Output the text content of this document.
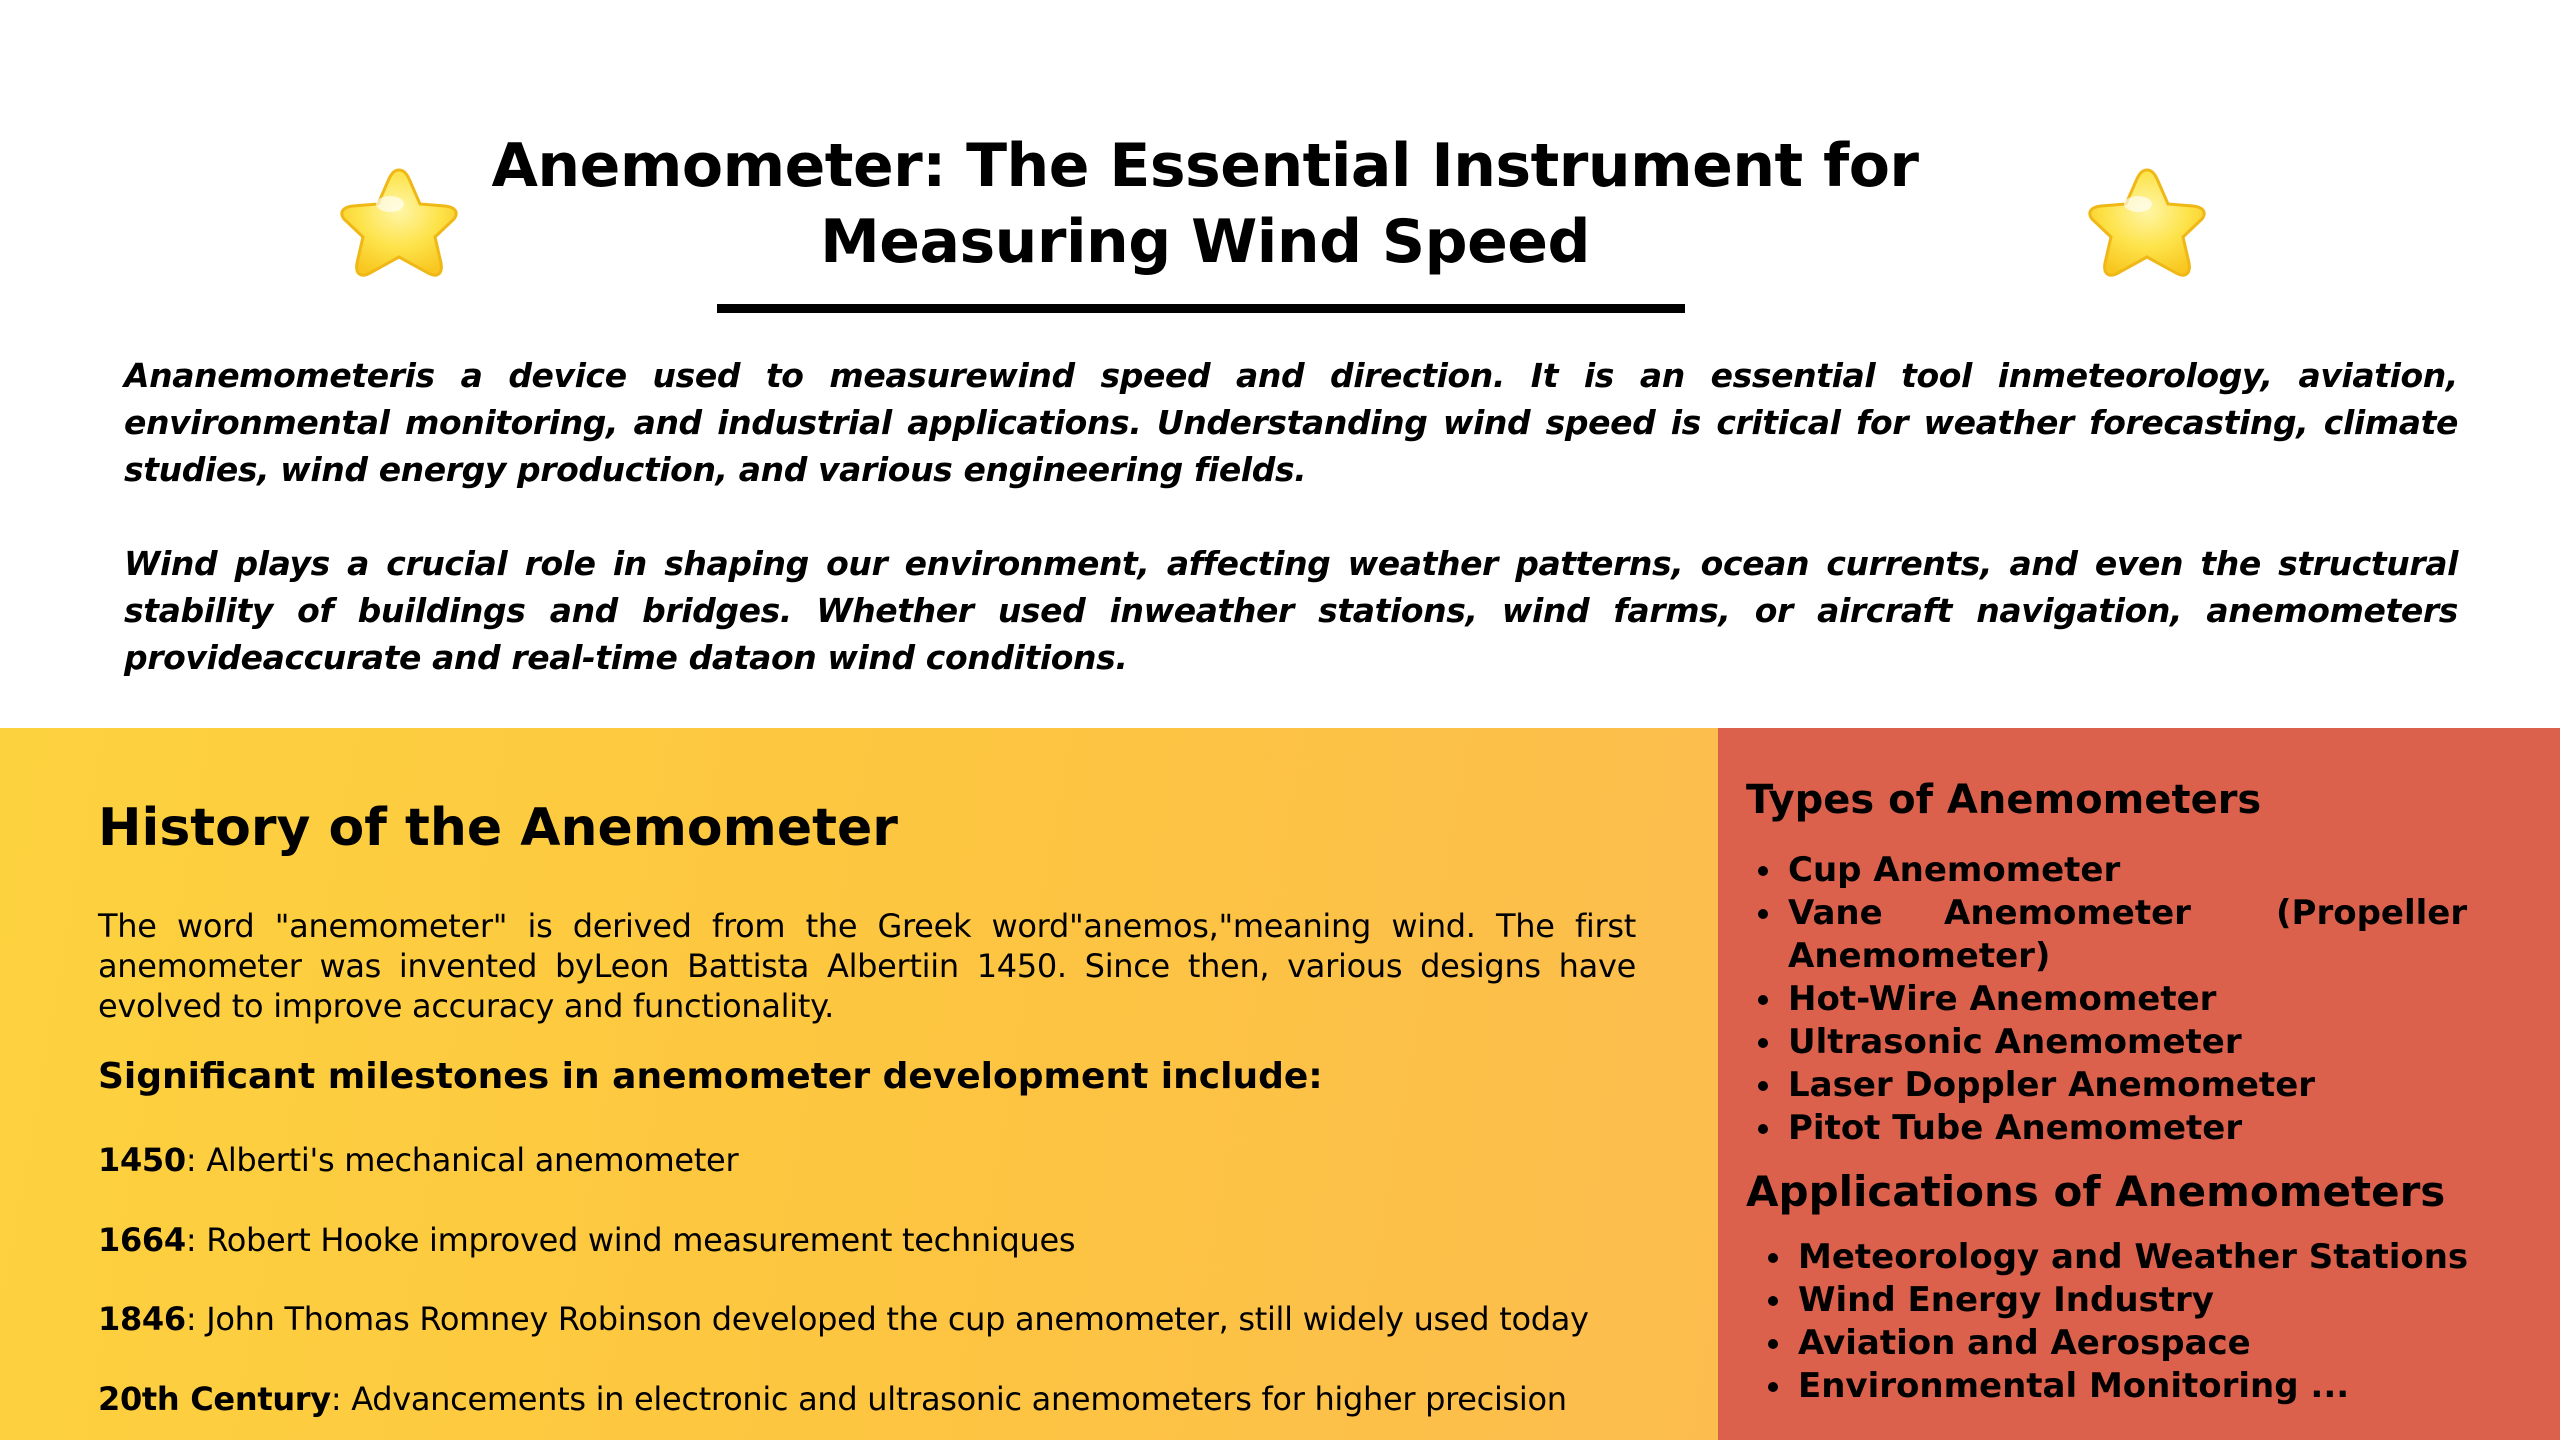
Anemometer: The Essential Instrument for
Measuring Wind Speed

Ananemometeris a device used to measurewind speed and direction. It is an essential tool inmeteorology, aviation, environmental monitoring, and industrial applications. Understanding wind speed is critical for weather forecasting, climate studies, wind energy production, and various engineering fields.

Wind plays a crucial role in shaping our environment, affecting weather patterns, ocean currents, and even the structural stability of buildings and bridges. Whether used inweather stations, wind farms, or aircraft navigation, anemometers provideaccurate and real-time dataon wind conditions.

History of the Anemometer

The word "anemometer" is derived from the Greek word"anemos,"meaning wind. The first anemometer was invented byLeon Battista Albertiin 1450. Since then, various designs have evolved to improve accuracy and functionality.

Significant milestones in anemometer development include:

1450: Alberti's mechanical anemometer

1664: Robert Hooke improved wind measurement techniques

1846: John Thomas Romney Robinson developed the cup anemometer, still widely used today

20th Century: Advancements in electronic and ultrasonic anemometers for higher precision

Types of Anemometers
Cup Anemometer
Vane Anemometer	(Propeller
Anemometer)
Hot-Wire Anemometer
Ultrasonic Anemometer
Laser Doppler Anemometer
Pitot Tube Anemometer
Applications of Anemometers
Meteorology and Weather Stations
Wind Energy Industry
Aviation and Aerospace
Environmental Monitoring ...
